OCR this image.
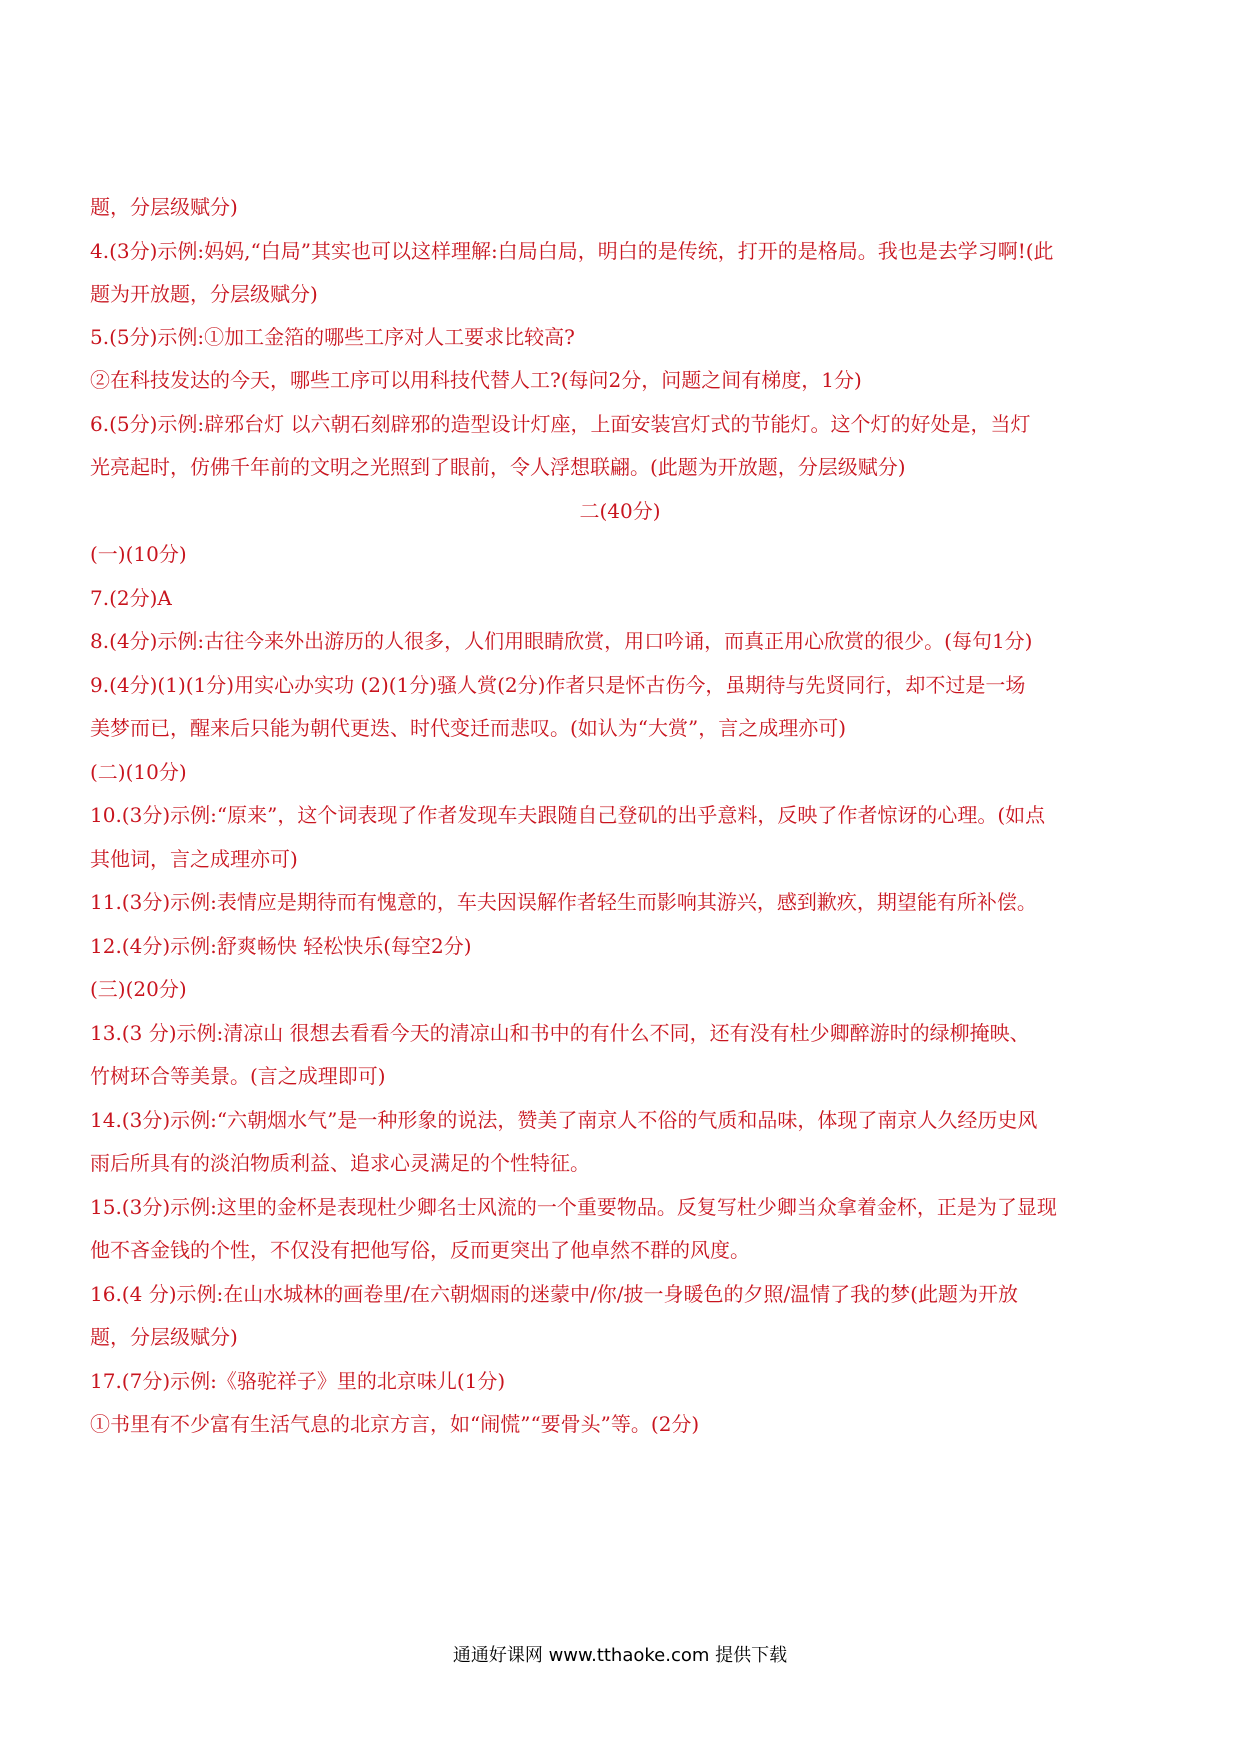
题，分层级赋分)
4.(3分)示例:妈妈,“白局”其实也可以这样理解:白局白局，明白的是传统，打开的是格局。我也是去学习啊!(此
题为开放题，分层级赋分)
5.(5分)示例:①加工金箔的哪些工序对人工要求比较高?
②在科技发达的今天，哪些工序可以用科技代替人工?(每问2分，问题之间有梯度，1分)
6.(5分)示例:辟邪台灯 以六朝石刻辟邪的造型设计灯座，上面安装宫灯式的节能灯。这个灯的好处是，当灯
光亮起时，仿佛千年前的文明之光照到了眼前，令人浮想联翩。(此题为开放题，分层级赋分)
二(40分)
(一)(10分)
7.(2分)A
8.(4分)示例:古往今来外出游历的人很多，人们用眼睛欣赏，用口吟诵，而真正用心欣赏的很少。(每句1分)
9.(4分)(1)(1分)用实心办实功 (2)(1分)骚人赏(2分)作者只是怀古伤今，虽期待与先贤同行，却不过是一场
美梦而已，醒来后只能为朝代更迭、时代变迁而悲叹。(如认为“大赏”，言之成理亦可)
(二)(10分)
10.(3分)示例:“原来”，这个词表现了作者发现车夫跟随自己登矶的出乎意料，反映了作者惊讶的心理。(如点
其他词，言之成理亦可)
11.(3分)示例:表情应是期待而有愧意的，车夫因误解作者轻生而影响其游兴，感到歉疚，期望能有所补偿。
12.(4分)示例:舒爽畅快 轻松快乐(每空2分)
(三)(20分)
13.(3 分)示例:清凉山 很想去看看今天的清凉山和书中的有什么不同，还有没有杜少卿醉游时的绿柳掩映、
竹树环合等美景。(言之成理即可)
14.(3分)示例:“六朝烟水气”是一种形象的说法，赞美了南京人不俗的气质和品味，体现了南京人久经历史风
雨后所具有的淡泊物质利益、追求心灵满足的个性特征。
15.(3分)示例:这里的金杯是表现杜少卿名士风流的一个重要物品。反复写杜少卿当众拿着金杯，正是为了显现
他不吝金钱的个性，不仅没有把他写俗，反而更突出了他卓然不群的风度。
16.(4 分)示例:在山水城林的画卷里/在六朝烟雨的迷蒙中/你/披一身暖色的夕照/温情了我的梦(此题为开放
题，分层级赋分)
17.(7分)示例:《骆驼祥子》里的北京味儿(1分)
①书里有不少富有生活气息的北京方言，如“闹慌”“要骨头”等。(2分)
通通好课网 www.tthaoke.com 提供下载
